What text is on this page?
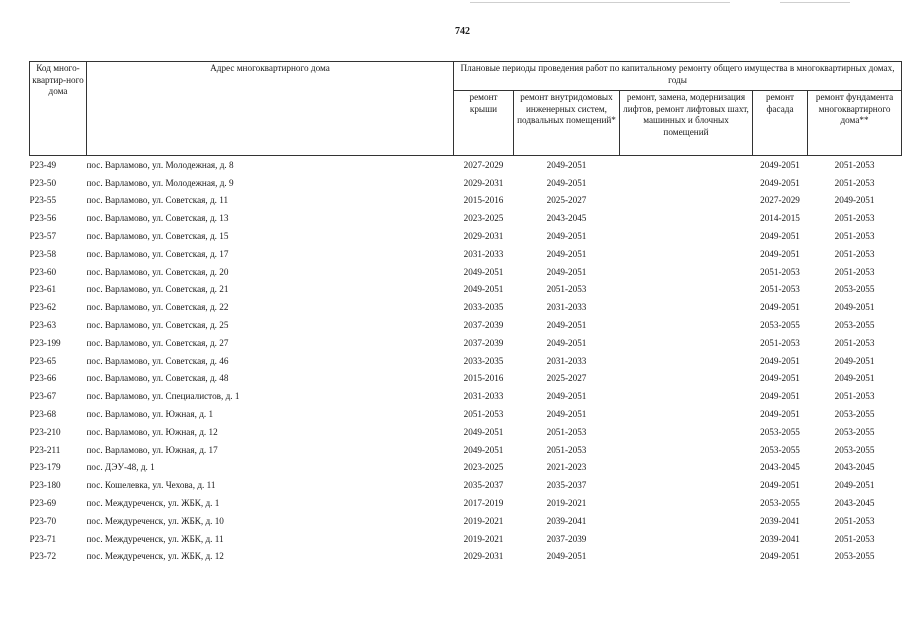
742
Код много-квартир-ного дома	Адрес многоквартирного дома	Плановые периоды проведения работ по капитальному ремонту общего имущества в многоквартирных домах, годы				
		ремонт крыши	ремонт внутридомовых инженерных систем, подвальных помещений*	ремонт, замена, модернизация лифтов, ремонт лифтовых шахт, машинных и блочных помещений	ремонт фасада	ремонт фундамента многоквартирного дома**
P23-49	пос. Варламово, ул. Молодежная, д. 8	2027-2029	2049-2051		2049-2051	2051-2053
P23-50	пос. Варламово, ул. Молодежная, д. 9	2029-2031	2049-2051		2049-2051	2051-2053
P23-55	пос. Варламово, ул. Советская, д. 11	2015-2016	2025-2027		2027-2029	2049-2051
P23-56	пос. Варламово, ул. Советская, д. 13	2023-2025	2043-2045		2014-2015	2051-2053
P23-57	пос. Варламово, ул. Советская, д. 15	2029-2031	2049-2051		2049-2051	2051-2053
P23-58	пос. Варламово, ул. Советская, д. 17	2031-2033	2049-2051		2049-2051	2051-2053
P23-60	пос. Варламово, ул. Советская, д. 20	2049-2051	2049-2051		2051-2053	2051-2053
P23-61	пос. Варламово, ул. Советская, д. 21	2049-2051	2051-2053		2051-2053	2053-2055
P23-62	пос. Варламово, ул. Советская, д. 22	2033-2035	2031-2033		2049-2051	2049-2051
P23-63	пос. Варламово, ул. Советская, д. 25	2037-2039	2049-2051		2053-2055	2053-2055
P23-199	пос. Варламово, ул. Советская, д. 27	2037-2039	2049-2051		2051-2053	2051-2053
P23-65	пос. Варламово, ул. Советская, д. 46	2033-2035	2031-2033		2049-2051	2049-2051
P23-66	пос. Варламово, ул. Советская, д. 48	2015-2016	2025-2027		2049-2051	2049-2051
P23-67	пос. Варламово, ул. Специалистов, д. 1	2031-2033	2049-2051		2049-2051	2051-2053
P23-68	пос. Варламово, ул. Южная, д. 1	2051-2053	2049-2051		2049-2051	2053-2055
P23-210	пос. Варламово, ул. Южная, д. 12	2049-2051	2051-2053		2053-2055	2053-2055
P23-211	пос. Варламово, ул. Южная, д. 17	2049-2051	2051-2053		2053-2055	2053-2055
P23-179	пос. ДЭУ-48, д. 1	2023-2025	2021-2023		2043-2045	2043-2045
P23-180	пос. Кошелевка, ул. Чехова, д. 11	2035-2037	2035-2037		2049-2051	2049-2051
P23-69	пос. Междуреченск, ул. ЖБК, д. 1	2017-2019	2019-2021		2053-2055	2043-2045
P23-70	пос. Междуреченск, ул. ЖБК, д. 10	2019-2021	2039-2041		2039-2041	2051-2053
P23-71	пос. Междуреченск, ул. ЖБК, д. 11	2019-2021	2037-2039		2039-2041	2051-2053
P23-72	пос. Междуреченск, ул. ЖБК, д. 12	2029-2031	2049-2051		2049-2051	2053-2055
